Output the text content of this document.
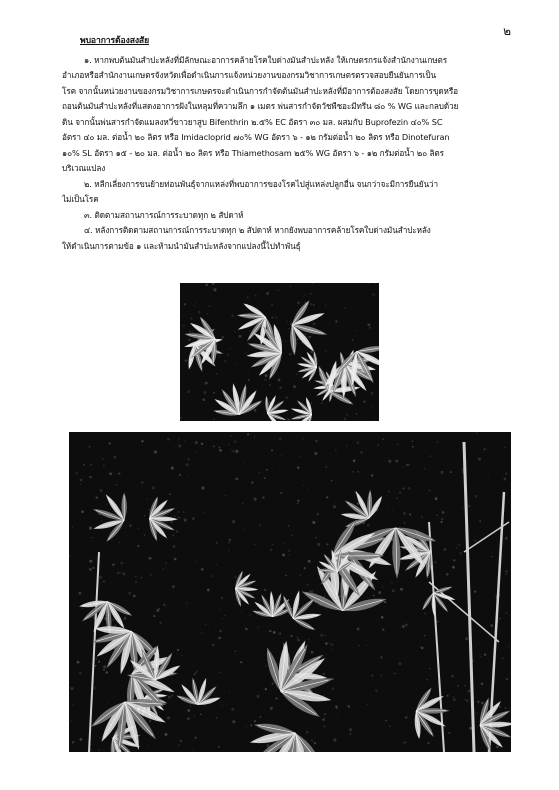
๒
พบอาการต้องสงสัย

๑. หากพบต้นมันสำปะหลังที่มีลักษณะอาการคล้ายโรคใบด่างมันสำปะหลัง ให้เกษตรกรแจ้งสำนักงานเกษตร
อำเภอหรือสำนักงานเกษตรจังหวัดเพื่อดำเนินการแจ้งหน่วยงานของกรมวิชาการเกษตรตรวจสอบยืนยันการเป็น
โรค จากนั้นหน่วยงานของกรมวิชาการเกษตรจะดำเนินการกำจัดต้นมันสำปะหลังที่มีอาการต้องสงสัย โดยการขุดหรือ
ถอนต้นมันสำปะหลังที่แสดงอาการฝังในหลุมที่ความลึก ๑ เมตร พ่นสารกำจัดวัชพืชอะมีทรีน ๘๐ % WG และกลบด้วย
ดิน จากนั้นพ่นสารกำจัดแมลงหวี่ขาวยาสูบ Bifenthrin ๒.๕% EC อัตรา ๓๐ มล. ผสมกับ Buprofezin ๔๐% SC
อัตรา ๔๐ มล. ต่อน้ำ ๒๐ ลิตร หรือ Imidacloprid ๗๐% WG อัตรา ๖ - ๑๒ กรัมต่อน้ำ ๒๐ ลิตร หรือ Dinotefuran
๑๐% SL อัตรา ๑๕ - ๒๐ มล. ต่อน้ำ ๒๐ ลิตร หรือ Thiamethosam ๒๕% WG อัตรา ๖ - ๑๒ กรัมต่อน้ำ ๒๐ ลิตร
บริเวณแปลง

๒. หลีกเลี่ยงการขนย้ายท่อนพันธุ์จากแหล่งที่พบอาการของโรคไปสู่แหล่งปลูกอื่น จนกว่าจะมีการยืนยันว่า
ไม่เป็นโรค

๓. ติดตามสถานการณ์การระบาดทุก ๒ สัปดาห์

๔. หลังการติดตามสถานการณ์การระบาดทุก ๒ สัปดาห์ หากยังพบอาการคล้ายโรคใบด่างมันสำปะหลัง
ให้ดำเนินการตามข้อ ๑ และห้ามนำมันสำปะหลังจากแปลงนี้ไปทำพันธุ์
